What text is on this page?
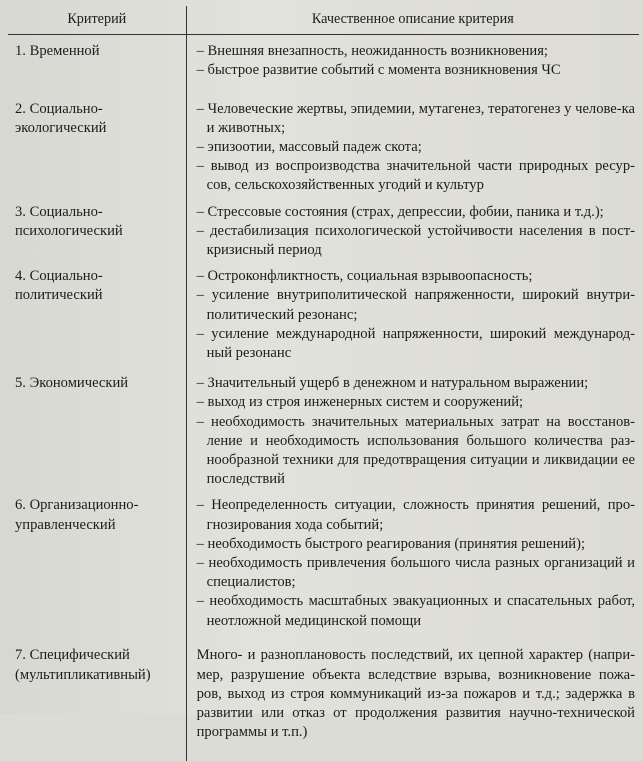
Критерий	Качественное описание критерия

1. Временной	– Внешняя внезапность, неожиданность возникновения;
– быстрое развитие событий с момента возникновения ЧС

2. Социально-
экологический	– Человеческие жертвы, эпидемии, мутагенез, тератогенез у челове-ка и животных;
– эпизоотии, массовый падеж скота;
– вывод из воспроизводства значительной части природных ресур-сов, сельскохозяйственных угодий и культур

3. Социально-
психологический	– Стрессовые состояния (страх, депрессии, фобии, паника и т.д.);
– дестабилизация психологической устойчивости населения в пост-кризисный период

4. Социально-
политический	– Остроконфликтность, социальная взрывоопасность;
– усиление внутриполитической напряженности, широкий внутри-политический резонанс;
– усиление международной напряженности, широкий международ-ный резонанс

5. Экономический	– Значительный ущерб в денежном и натуральном выражении;
– выход из строя инженерных систем и сооружений;
– необходимость значительных материальных затрат на восстанов-ление и необходимость использования большого количества раз-нообразной техники для предотвращения ситуации и ликвидации ее последствий

6. Организационно-
управленческий	– Неопределенность ситуации, сложность принятия решений, про-гнозирования хода событий;
– необходимость быстрого реагирования (принятия решений);
– необходимость привлечения большого числа разных организаций и специалистов;
– необходимость масштабных эвакуационных и спасательных работ, неотложной медицинской помощи

7. Специфический
(мультипликативный)	Много- и разноплановость последствий, их цепной характер (напри-мер, разрушение объекта вследствие взрыва, возникновение пожа-ров, выход из строя коммуникаций из-за пожаров и т.д.; задержка в развитии или отказ от продолжения развития научно-технической программы и т.п.)
